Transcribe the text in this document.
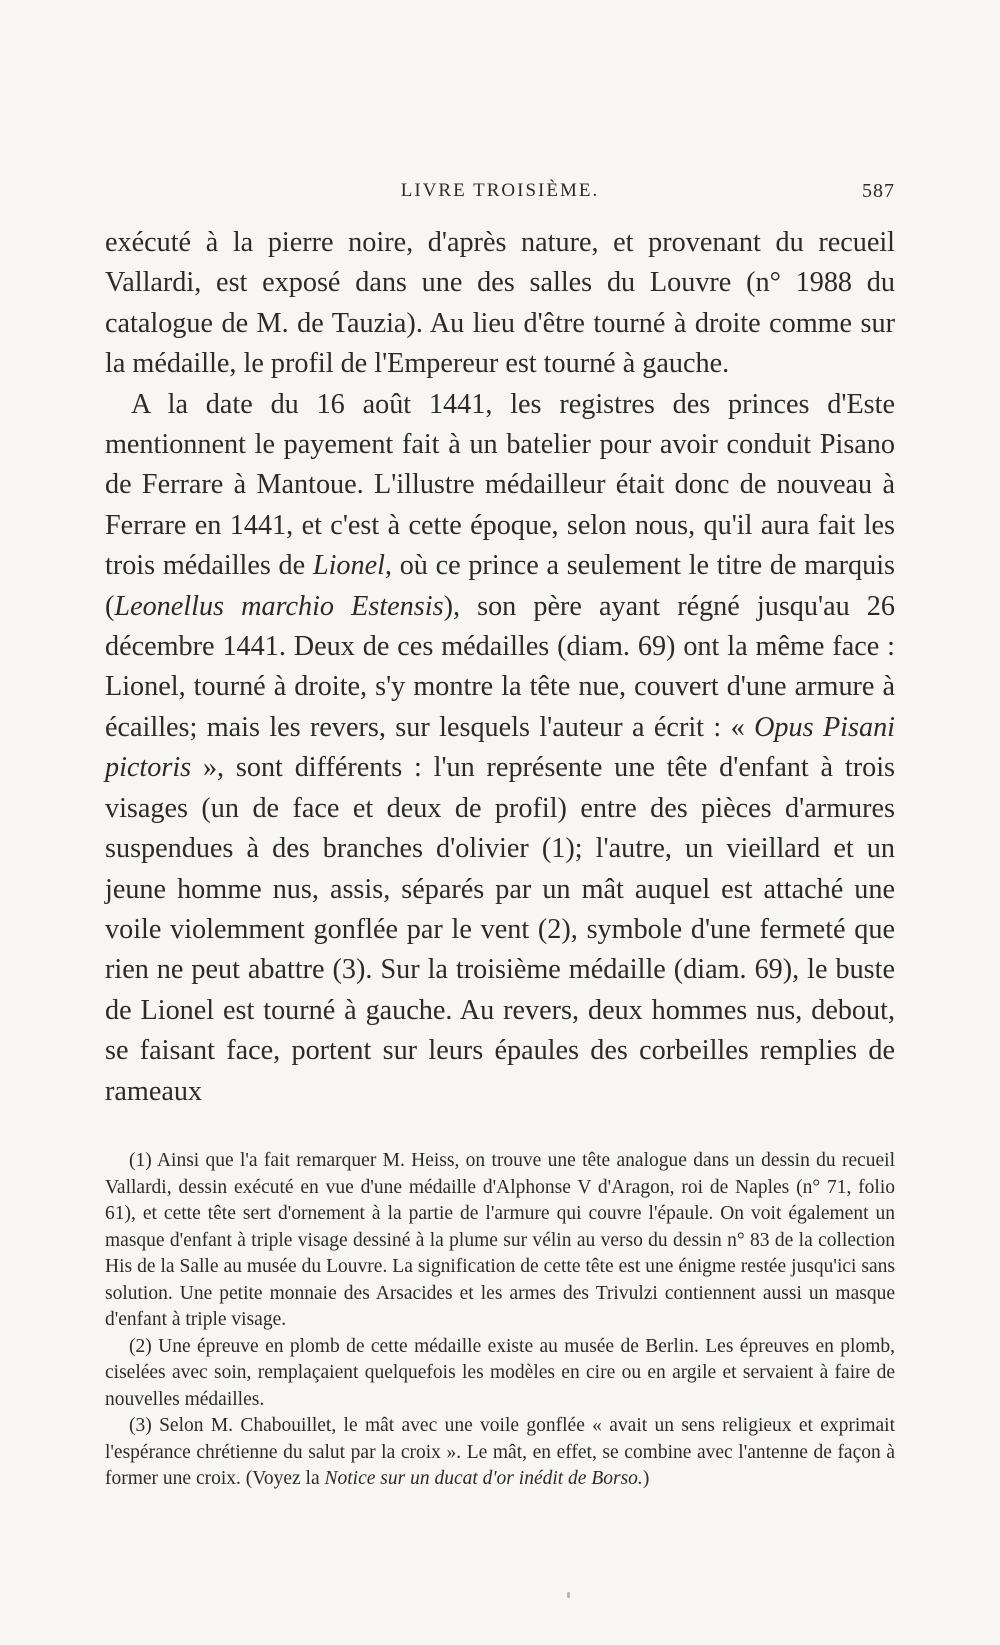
LIVRE TROISIÈME.	587

exécuté à la pierre noire, d'après nature, et provenant du recueil Vallardi, est exposé dans une des salles du Louvre (n° 1988 du catalogue de M. de Tauzia). Au lieu d'être tourné à droite comme sur la médaille, le profil de l'Empereur est tourné à gauche.

A la date du 16 août 1441, les registres des princes d'Este mentionnent le payement fait à un batelier pour avoir conduit Pisano de Ferrare à Mantoue. L'illustre médailleur était donc de nouveau à Ferrare en 1441, et c'est à cette époque, selon nous, qu'il aura fait les trois médailles de Lionel, où ce prince a seulement le titre de marquis (Leonellus marchio Estensis), son père ayant régné jusqu'au 26 décembre 1441. Deux de ces médailles (diam. 69) ont la même face : Lionel, tourné à droite, s'y montre la tête nue, couvert d'une armure à écailles; mais les revers, sur lesquels l'auteur a écrit : « Opus Pisani pictoris », sont différents : l'un représente une tête d'enfant à trois visages (un de face et deux de profil) entre des pièces d'armures suspendues à des branches d'olivier (1); l'autre, un vieillard et un jeune homme nus, assis, séparés par un mât auquel est attaché une voile violemment gonflée par le vent (2), symbole d'une fermeté que rien ne peut abattre (3). Sur la troisième médaille (diam. 69), le buste de Lionel est tourné à gauche. Au revers, deux hommes nus, debout, se faisant face, portent sur leurs épaules des corbeilles remplies de rameaux

(1) Ainsi que l'a fait remarquer M. Heiss, on trouve une tête analogue dans un dessin du recueil Vallardi, dessin exécuté en vue d'une médaille d'Alphonse V d'Aragon, roi de Naples (n° 71, folio 61), et cette tête sert d'ornement à la partie de l'armure qui couvre l'épaule. On voit également un masque d'enfant à triple visage dessiné à la plume sur vélin au verso du dessin n° 83 de la collection His de la Salle au musée du Louvre. La signification de cette tête est une énigme restée jusqu'ici sans solution. Une petite monnaie des Arsacides et les armes des Trivulzi contiennent aussi un masque d'enfant à triple visage.

(2) Une épreuve en plomb de cette médaille existe au musée de Berlin. Les épreuves en plomb, ciselées avec soin, remplaçaient quelquefois les modèles en cire ou en argile et servaient à faire de nouvelles médailles.

(3) Selon M. Chabouillet, le mât avec une voile gonflée « avait un sens religieux et exprimait l'espérance chrétienne du salut par la croix ». Le mât, en effet, se combine avec l'antenne de façon à former une croix. (Voyez la Notice sur un ducat d'or inédit de Borso.)
